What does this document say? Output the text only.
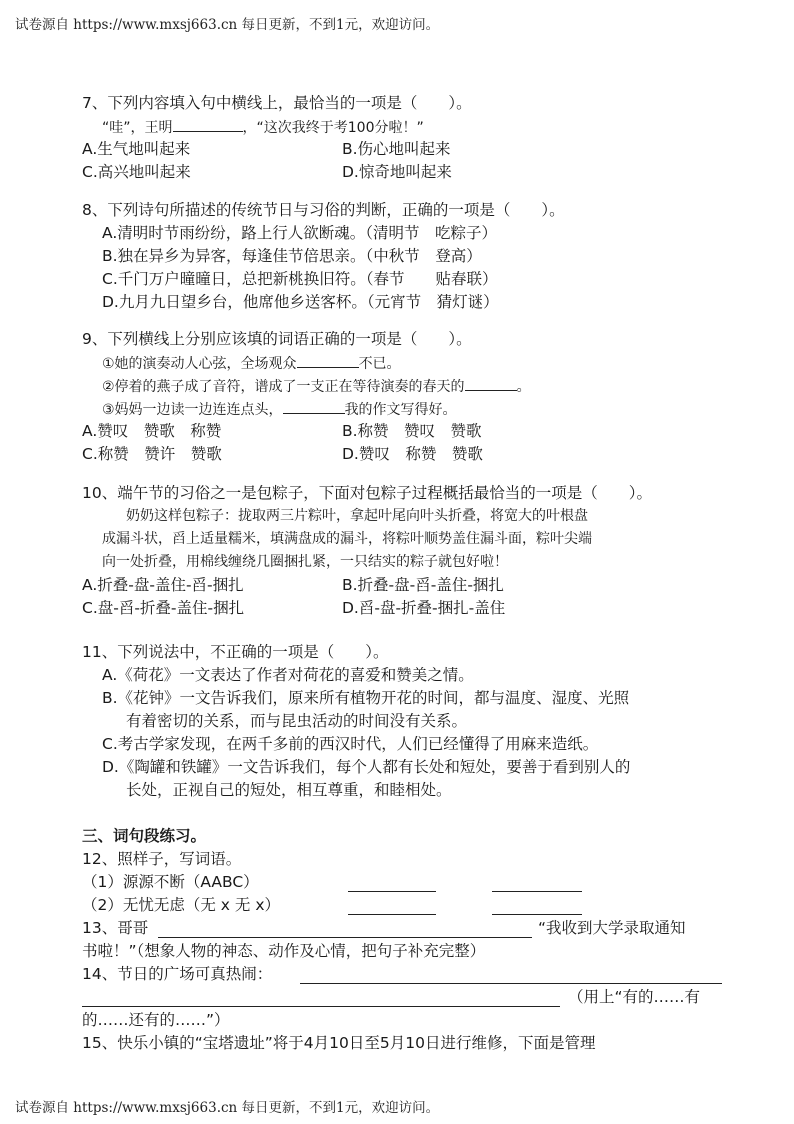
试卷源自 https://www.mxsj663.cn 每日更新，不到1元，欢迎访问。
7、下列内容填入句中横线上，最恰当的一项是（　　）。
“哇”，王明	，“这次我终于考100分啦！”
A.生气地叫起来	B.伤心地叫起来
C.高兴地叫起来	D.惊奇地叫起来
8、下列诗句所描述的传统节日与习俗的判断，正确的一项是（　　）。
A.清明时节雨纷纷，路上行人欲断魂。（清明节　吃粽子）
B.独在异乡为异客，每逢佳节倍思亲。（中秋节　登高）
C.千门万户曈曈日，总把新桃换旧符。（春节　　贴春联）
D.九月九日望乡台，他席他乡送客杯。（元宵节　猜灯谜）
9、下列横线上分别应该填的词语正确的一项是（　　）。
①她的演奏动人心弦，全场观众	不已。
②停着的燕子成了音符，谱成了一支正在等待演奏的春天的	。
③妈妈一边读一边连连点头，	我的作文写得好。
A.赞叹　赞歌　称赞	B.称赞　赞叹　赞歌
C.称赞　赞许　赞歌	D.赞叹　称赞　赞歌
10、端午节的习俗之一是包粽子，下面对包粽子过程概括最恰当的一项是（　　）。
奶奶这样包粽子：拢取两三片粽叶，拿起叶尾向叶头折叠，将宽大的叶根盘
成漏斗状，舀上适量糯米，填满盘成的漏斗，将粽叶顺势盖住漏斗面，粽叶尖端
向一处折叠，用棉线缠绕几圈捆扎紧，一只结实的粽子就包好啦！
A.折叠-盘-盖住-舀-捆扎	B.折叠-盘-舀-盖住-捆扎
C.盘-舀-折叠-盖住-捆扎	D.舀-盘-折叠-捆扎-盖住
11、下列说法中，不正确的一项是（　　）。
A.《荷花》一文表达了作者对荷花的喜爱和赞美之情。
B.《花钟》一文告诉我们，原来所有植物开花的时间，都与温度、湿度、光照
有着密切的关系，而与昆虫活动的时间没有关系。
C.考古学家发现，在两千多前的西汉时代，人们已经懂得了用麻来造纸。
D.《陶罐和铁罐》一文告诉我们，每个人都有长处和短处，要善于看到别人的
长处，正视自己的短处，相互尊重，和睦相处。
三、词句段练习。
12、照样子，写词语。
（1）源源不断（AABC）
（2）无忧无虑（无 x 无 x）
13、哥哥	“我收到大学录取通知
书啦！”（想象人物的神态、动作及心情，把句子补充完整）
14、节日的广场可真热闹：
（用上“有的……有
的……还有的……”）
15、快乐小镇的“宝塔遗址”将于4月10日至5月10日进行维修，下面是管理
试卷源自 https://www.mxsj663.cn 每日更新，不到1元，欢迎访问。
